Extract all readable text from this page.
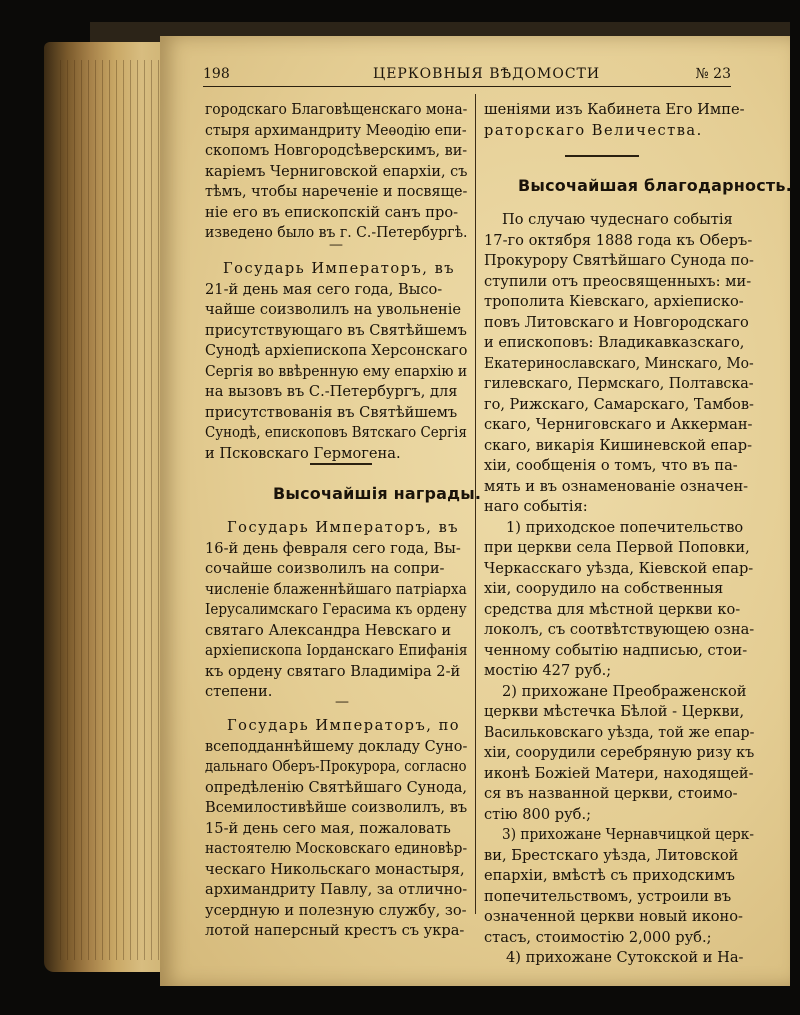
198	ЦЕРКОВНЫЯ ВѢДОМОСТИ	№ 23
городскаго Благовѣщенскаго мона-
стыря архимандриту Меѳодію епи-
скопомъ Новгородсѣверскимъ, ви-
каріемъ Черниговской епархіи, съ
тѣмъ, чтобы нареченіе и посвяще-
ніе его въ епископскій санъ про-
изведено было въ г. С.-Петербургѣ.
—
Государь Императоръ, въ
21-й день мая сего года, Высо-
чайше соизволилъ на увольненіе
присутствующаго въ Святѣйшемъ
Сунодѣ архіепископа Херсонскаго
Сергія во ввѣренную ему епархію и
на вызовъ въ С.-Петербургъ, для
присутствованія въ Святѣйшемъ
Сунодѣ, епископовъ Вятскаго Сергія
и Псковскаго Гермогена.
Высочайшія награды.
Государь Императоръ, въ
16-й день февраля сего года, Вы-
сочайше соизволилъ на сопри-
численіе блаженнѣйшаго патріарха
Іерусалимскаго Герасима къ ордену
святаго Александра Невскаго и
архіепископа Іорданскаго Епифанія
къ ордену святаго Владиміра 2-й
степени.
—
Государь Императоръ, по
всеподданнѣйшему докладу Суно-
дальнаго Оберъ-Прокурора, согласно
опредѣленію Святѣйшаго Сунода,
Всемилостивѣйше соизволилъ, въ
15-й день сего мая, пожаловать
настоятелю Московскаго единовѣр-
ческаго Никольскаго монастыря,
архимандриту Павлу, за отлично-
усердную и полезную службу, зо-
лотой наперсный крестъ съ укра-
шеніями изъ Кабинета Его Импе-
раторскаго Величества.
Высочайшая благодарность.
По случаю чудеснаго событія
17-го октября 1888 года къ Оберъ-
Прокурору Святѣйшаго Сунода по-
ступили отъ преосвященныхъ: ми-
трополита Кіевскаго, архіеписко-
повъ Литовскаго и Новгородскаго
и епископовъ: Владикавказскаго,
Екатеринославскаго, Минскаго, Мо-
гилевскаго, Пермскаго, Полтавска-
го, Рижскаго, Самарскаго, Тамбов-
скаго, Черниговскаго и Аккерман-
скаго, викарія Кишиневской епар-
хіи, сообщенія о томъ, что въ па-
мять и въ ознаменованіе означен-
наго событія:
1) приходское попечительство
при церкви села Первой Поповки,
Черкасскаго уѣзда, Кіевской епар-
хіи, соорудило на собственныя
средства для мѣстной церкви ко-
локолъ, съ соотвѣтствующею озна-
ченному событію надписью, стои-
мостію 427 руб.;
2) прихожане Преображенской
церкви мѣстечка Бѣлой - Церкви,
Васильковскаго уѣзда, той же епар-
хіи, соорудили серебряную ризу къ
иконѣ Божіей Матери, находящей-
ся въ названной церкви, стоимо-
стію 800 руб.;
3) прихожане Чернавчицкой церк-
ви, Брестскаго уѣзда, Литовской
епархіи, вмѣстѣ съ приходскимъ
попечительствомъ, устроили въ
означенной церкви новый иконо-
стасъ, стоимостію 2,000 руб.;
4) прихожане Сутокской и На-
